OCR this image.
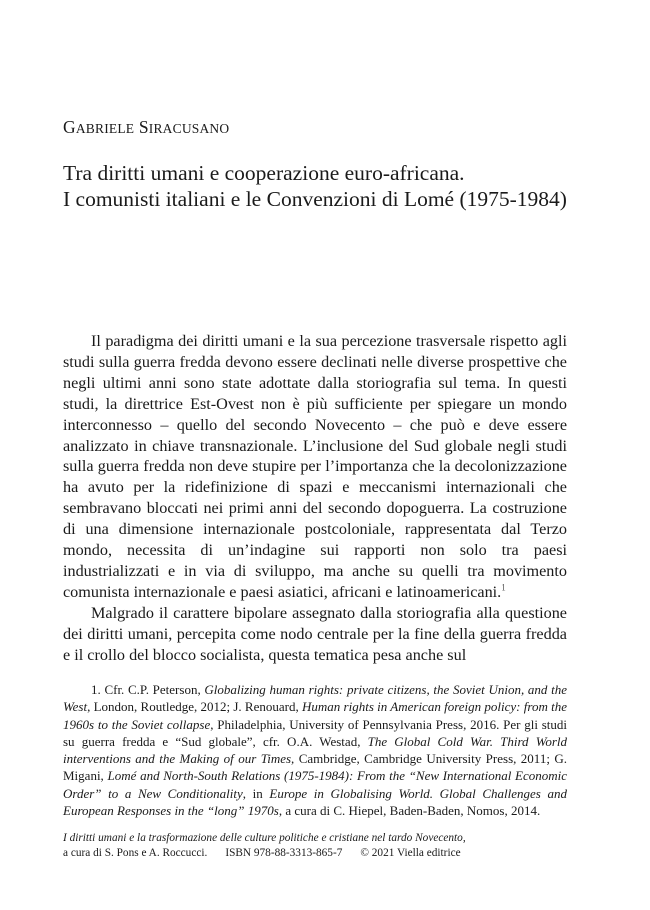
GABRIELE SIRACUSANO
Tra diritti umani e cooperazione euro-africana.
I comunisti italiani e le Convenzioni di Lomé (1975-1984)

Il paradigma dei diritti umani e la sua percezione trasversale rispetto agli studi sulla guerra fredda devono essere declinati nelle diverse prospettive che negli ultimi anni sono state adottate dalla storiografia sul tema. In questi studi, la direttrice Est-Ovest non è più sufficiente per spiegare un mondo interconnesso – quello del secondo Novecento – che può e deve essere analizzato in chiave transnazionale. L’inclusione del Sud globale negli studi sulla guerra fredda non deve stupire per l’importanza che la decolonizzazione ha avuto per la ridefinizione di spazi e meccanismi internazionali che sembravano bloccati nei primi anni del secondo dopoguerra. La costruzione di una dimensione internazionale postcoloniale, rappresentata dal Terzo mondo, necessita di un’indagine sui rapporti non solo tra paesi industrializzati e in via di sviluppo, ma anche su quelli tra movimento comunista internazionale e paesi asiatici, africani e latinoamericani.$^1$

Malgrado il carattere bipolare assegnato dalla storiografia alla questione dei diritti umani, percepita come nodo centrale per la fine della guerra fredda e il crollo del blocco socialista, questa tematica pesa anche sul

1. Cfr. C.P. Peterson, Globalizing human rights: private citizens, the Soviet Union, and the West, London, Routledge, 2012; J. Renouard, Human rights in American foreign policy: from the 1960s to the Soviet collapse, Philadelphia, University of Pennsylvania Press, 2016. Per gli studi su guerra fredda e “Sud globale”, cfr. O.A. Westad, The Global Cold War. Third World interventions and the Making of our Times, Cambridge, Cambridge University Press, 2011; G. Migani, Lomé and North-South Relations (1975-1984): From the “New International Economic Order” to a New Conditionality, in Europe in Globalising World. Global Challenges and European Responses in the “long” 1970s, a cura di C. Hiepel, Baden-Baden, Nomos, 2014.

I diritti umani e la trasformazione delle culture politiche e cristiane nel tardo Novecento,
a cura di S. Pons e A. Roccucci. ISBN 978-88-3313-865-7 © 2021 Viella editrice
